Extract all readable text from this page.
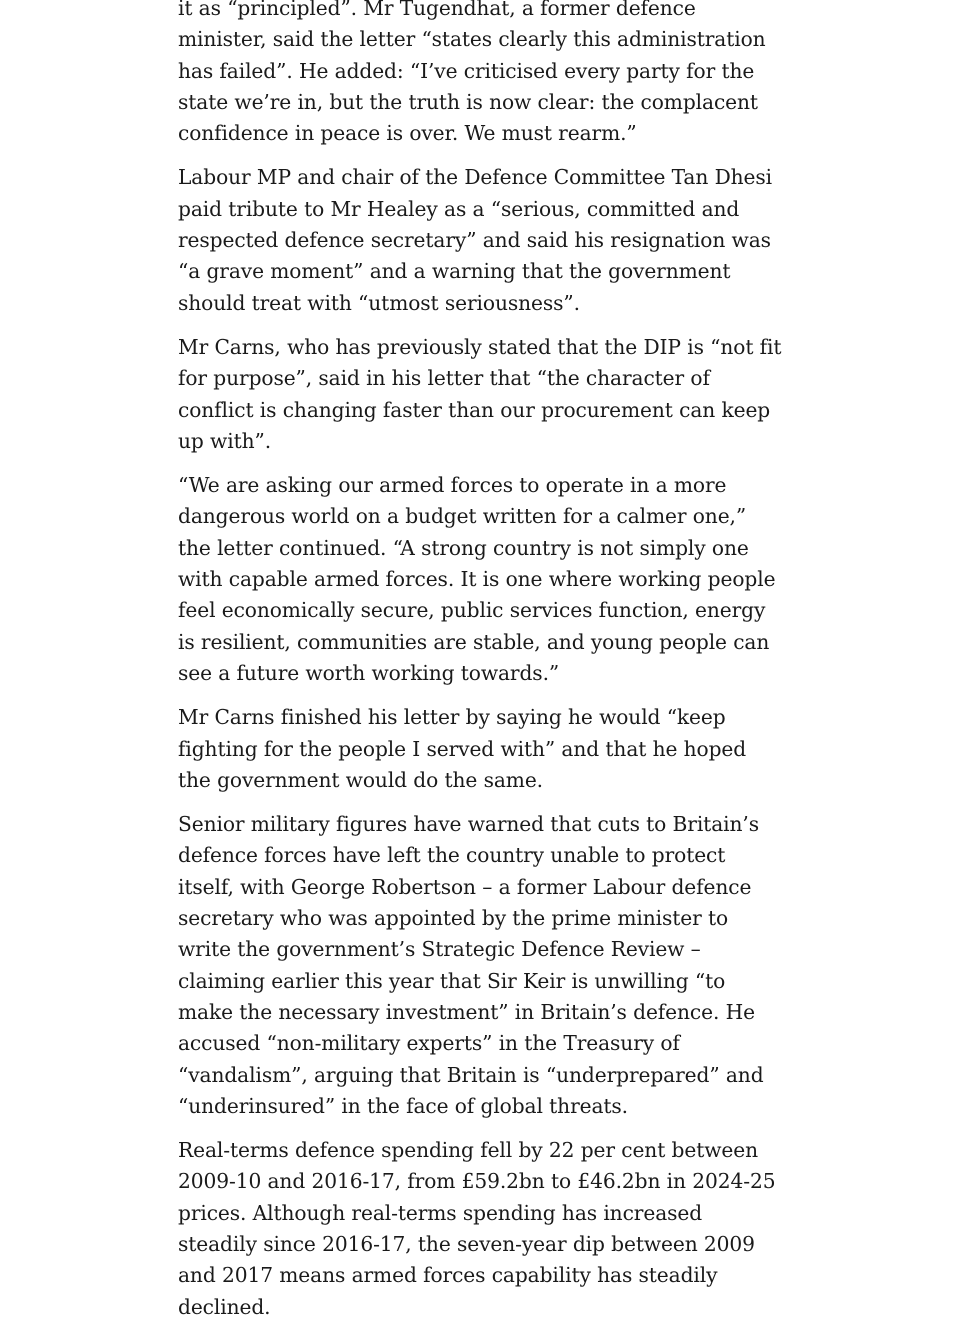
it as “principled”. Mr Tugendhat, a former defence minister, said the letter “states clearly this administration has failed”. He added: “I’ve criticised every party for the state we’re in, but the truth is now clear: the complacent confidence in peace is over. We must rearm.”

Labour MP and chair of the Defence Committee Tan Dhesi paid tribute to Mr Healey as a “serious, committed and respected defence secretary” and said his resignation was “a grave moment” and a warning that the government should treat with “utmost seriousness”.

Mr Carns, who has previously stated that the DIP is “not fit for purpose”, said in his letter that “the character of conflict is changing faster than our procurement can keep up with”.

“We are asking our armed forces to operate in a more dangerous world on a budget written for a calmer one,” the letter continued. “A strong country is not simply one with capable armed forces. It is one where working people feel economically secure, public services function, energy is resilient, communities are stable, and young people can see a future worth working towards.”

Mr Carns finished his letter by saying he would “keep fighting for the people I served with” and that he hoped the government would do the same.

Senior military figures have warned that cuts to Britain’s defence forces have left the country unable to protect itself, with George Robertson – a former Labour defence secretary who was appointed by the prime minister to write the government’s Strategic Defence Review – claiming earlier this year that Sir Keir is unwilling “to make the necessary investment” in Britain’s defence. He accused “non-military experts” in the Treasury of “vandalism”, arguing that Britain is “underprepared” and “underinsured” in the face of global threats.

Real-terms defence spending fell by 22 per cent between 2009-10 and 2016-17, from £59.2bn to £46.2bn in 2024-25 prices. Although real-terms spending has increased steadily since 2016-17, the seven-year dip between 2009 and 2017 means armed forces capability has steadily declined.
